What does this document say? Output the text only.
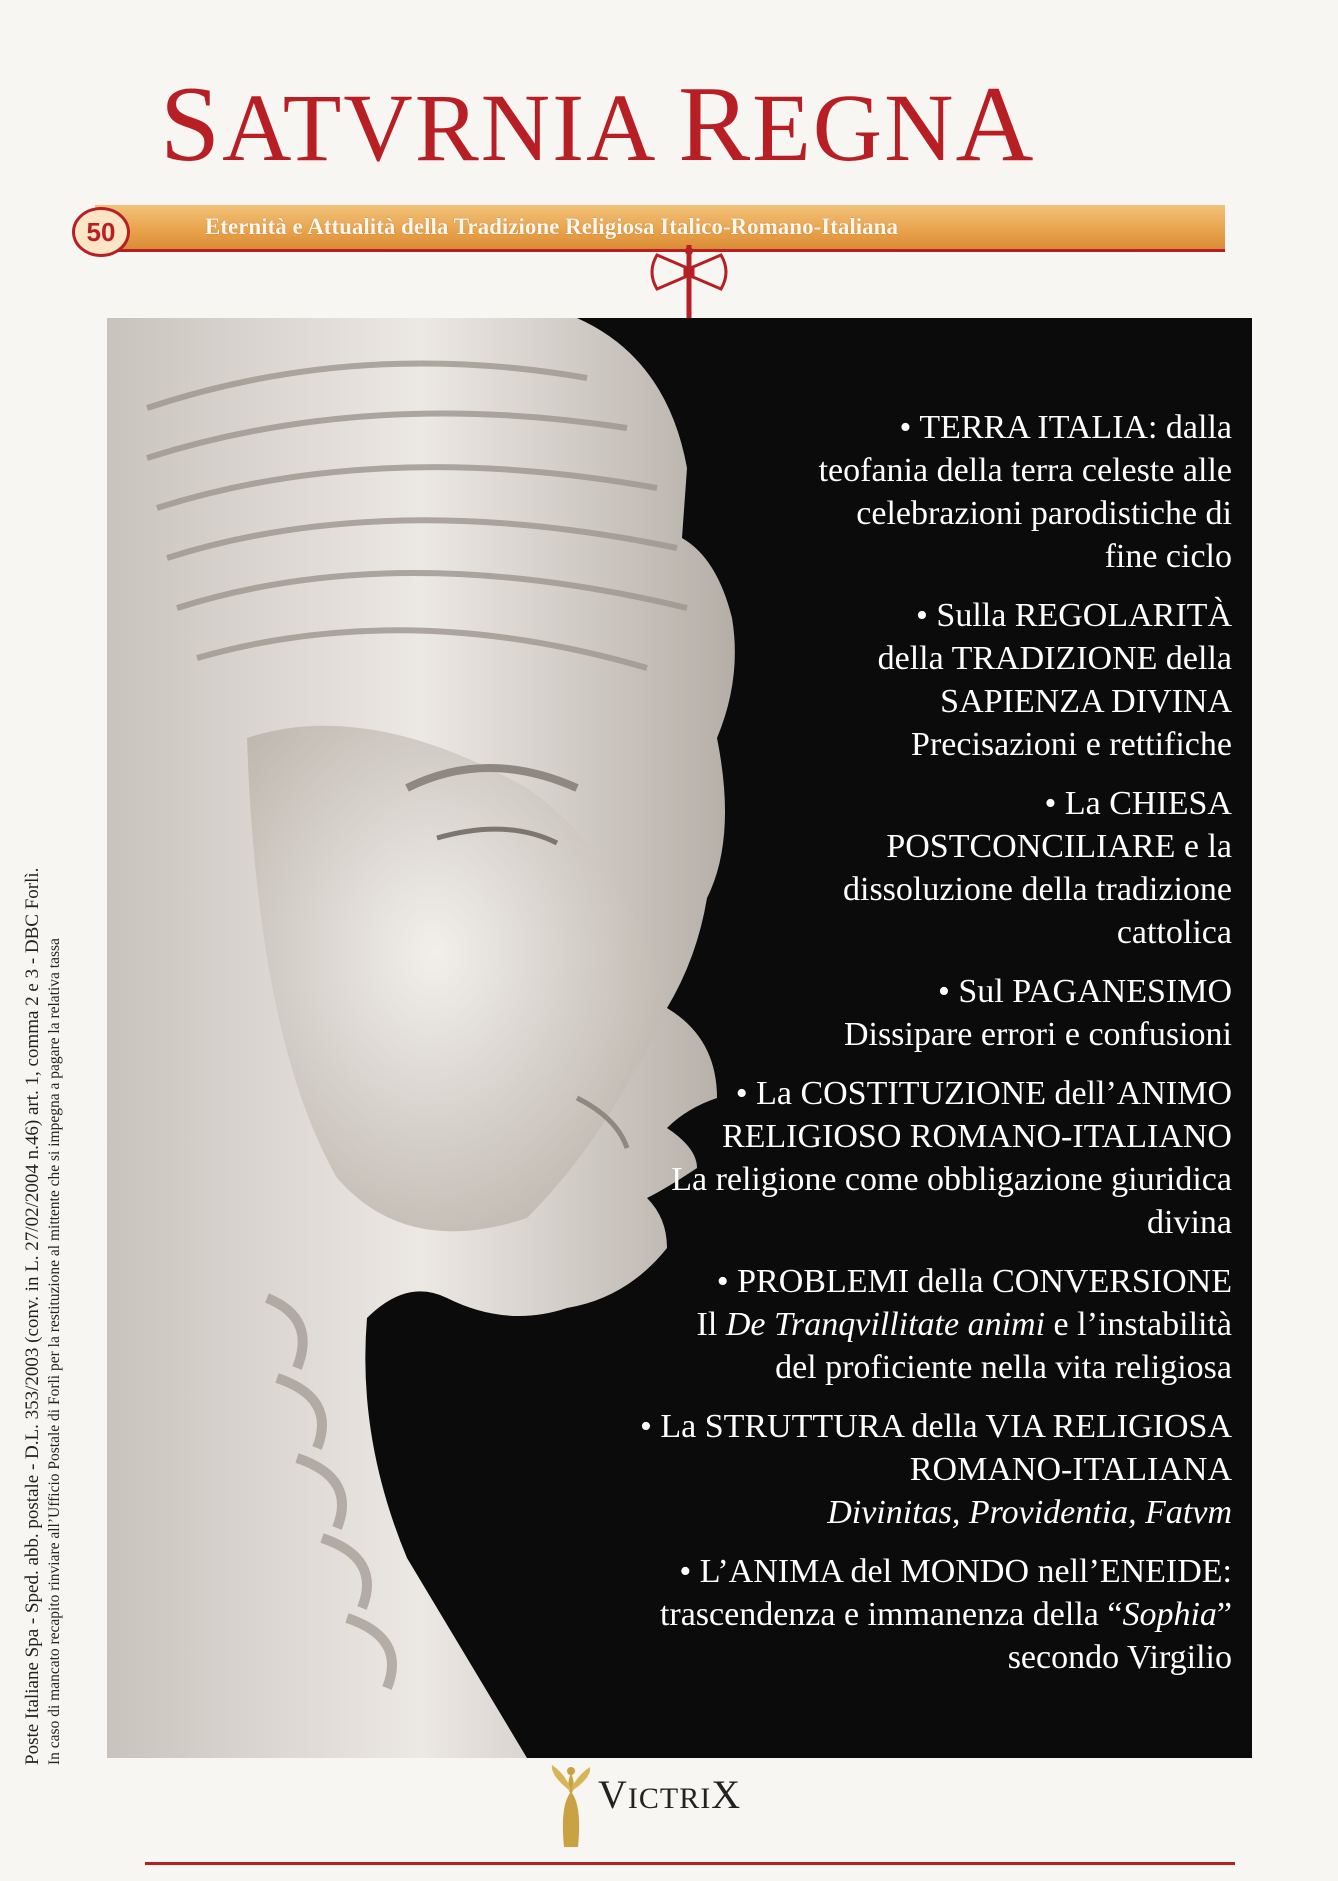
SATVRNIA REGNA
50	Eternità e Attualità della Tradizione Religiosa Italico-Romano-Italiana
• TERRA ITALIA: dalla
teofania della terra celeste alle
celebrazioni parodistiche di
fine ciclo
• Sulla REGOLARITÀ
della TRADIZIONE della
SAPIENZA DIVINA
Precisazioni e rettifiche
• La CHIESA
POSTCONCILIARE e la
dissoluzione della tradizione
cattolica
• Sul PAGANESIMO
Dissipare errori e confusioni
• La COSTITUZIONE dell’ANIMO
RELIGIOSO ROMANO-ITALIANO
La religione come obbligazione giuridica
divina
• PROBLEMI della CONVERSIONE
Il De Tranqvillitate animi e l’instabilità
del proficiente nella vita religiosa
• La STRUTTURA della VIA RELIGIOSA
ROMANO-ITALIANA
Divinitas, Providentia, Fatvm
• L’ANIMA del MONDO nell’ENEIDE:
trascendenza e immanenza della “Sophia”
secondo Virgilio
Poste Italiane Spa - Sped. abb. postale - D.L. 353/2003 (conv. in L. 27/02/2004 n.46) art. 1, comma 2 e 3 - DBC Forlì. In caso di mancato recapito rinviare all’Ufficio Postale di Forlì per la restituzione al mittente che si impegna a pagare la relativa tassa
VICTRIX
